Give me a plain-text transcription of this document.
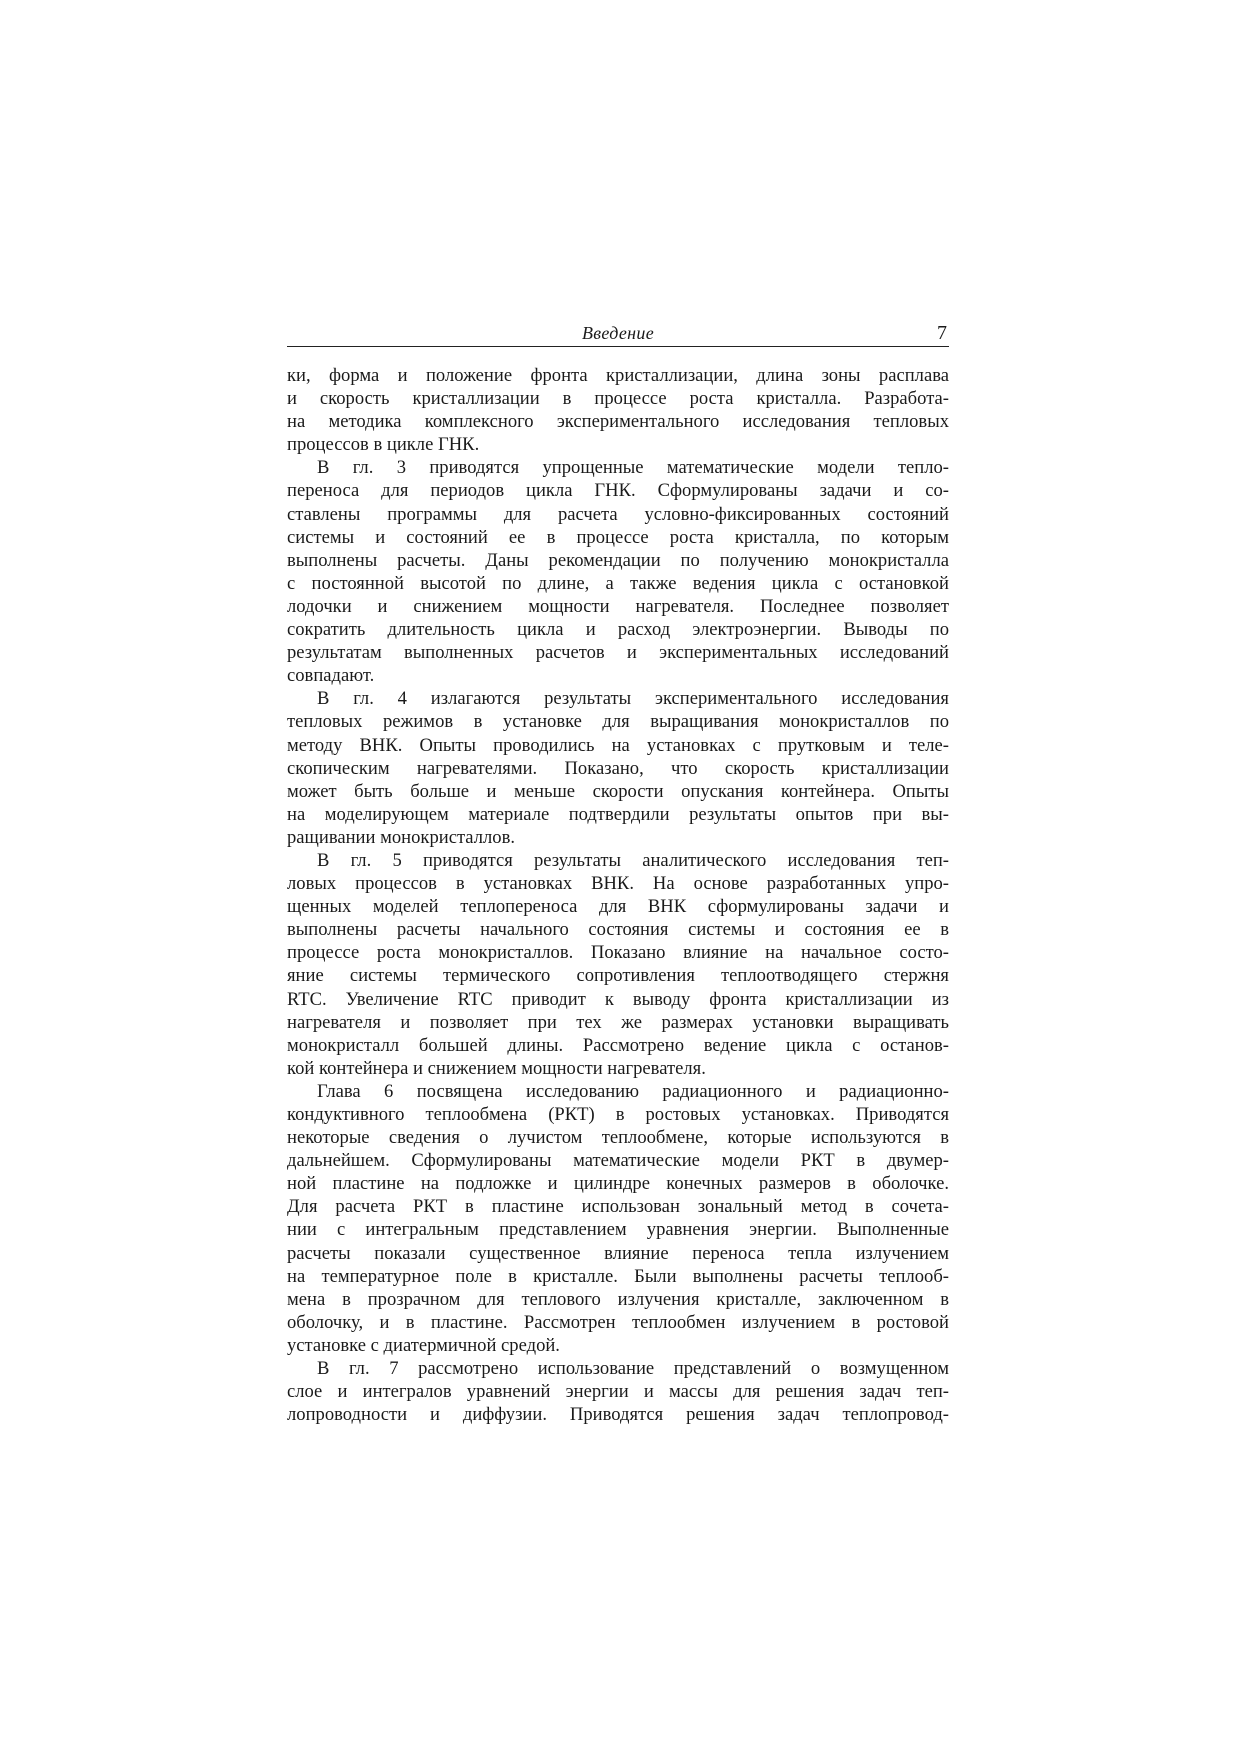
Введение	7
ки, форма и положение фронта кристаллизации, длина зоны расплава
и скорость кристаллизации в процессе роста кристалла. Разработа-
на методика комплексного экспериментального исследования тепловых
процессов в цикле ГНК.
В гл. 3 приводятся упрощенные математические модели тепло-
переноса для периодов цикла ГНК. Сформулированы задачи и со-
ставлены программы для расчета условно-фиксированных состояний
системы и состояний ее в процессе роста кристалла, по которым
выполнены расчеты. Даны рекомендации по получению монокристалла
с постоянной высотой по длине, а также ведения цикла с остановкой
лодочки и снижением мощности нагревателя. Последнее позволяет
сократить длительность цикла и расход электроэнергии. Выводы по
результатам выполненных расчетов и экспериментальных исследований
совпадают.
В гл. 4 излагаются результаты экспериментального исследования
тепловых режимов в установке для выращивания монокристаллов по
методу ВНК. Опыты проводились на установках с прутковым и теле-
скопическим нагревателями. Показано, что скорость кристаллизации
может быть больше и меньше скорости опускания контейнера. Опыты
на моделирующем материале подтвердили результаты опытов при вы-
ращивании монокристаллов.
В гл. 5 приводятся результаты аналитического исследования теп-
ловых процессов в установках ВНК. На основе разработанных упро-
щенных моделей теплопереноса для ВНК сформулированы задачи и
выполнены расчеты начального состояния системы и состояния ее в
процессе роста монокристаллов. Показано влияние на начальное состо-
яние системы термического сопротивления теплоотводящего стержня
RTC. Увеличение RTC приводит к выводу фронта кристаллизации из
нагревателя и позволяет при тех же размерах установки выращивать
монокристалл большей длины. Рассмотрено ведение цикла с останов-
кой контейнера и снижением мощности нагревателя.
Глава 6 посвящена исследованию радиационного и радиационно-
кондуктивного теплообмена (РКТ) в ростовых установках. Приводятся
некоторые сведения о лучистом теплообмене, которые используются в
дальнейшем. Сформулированы математические модели РКТ в двумер-
ной пластине на подложке и цилиндре конечных размеров в оболочке.
Для расчета РКТ в пластине использован зональный метод в сочета-
нии с интегральным представлением уравнения энергии. Выполненные
расчеты показали существенное влияние переноса тепла излучением
на температурное поле в кристалле. Были выполнены расчеты теплооб-
мена в прозрачном для теплового излучения кристалле, заключенном в
оболочку, и в пластине. Рассмотрен теплообмен излучением в ростовой
установке с диатермичной средой.
В гл. 7 рассмотрено использование представлений о возмущенном
слое и интегралов уравнений энергии и массы для решения задач теп-
лопроводности и диффузии. Приводятся решения задач теплопровод-
